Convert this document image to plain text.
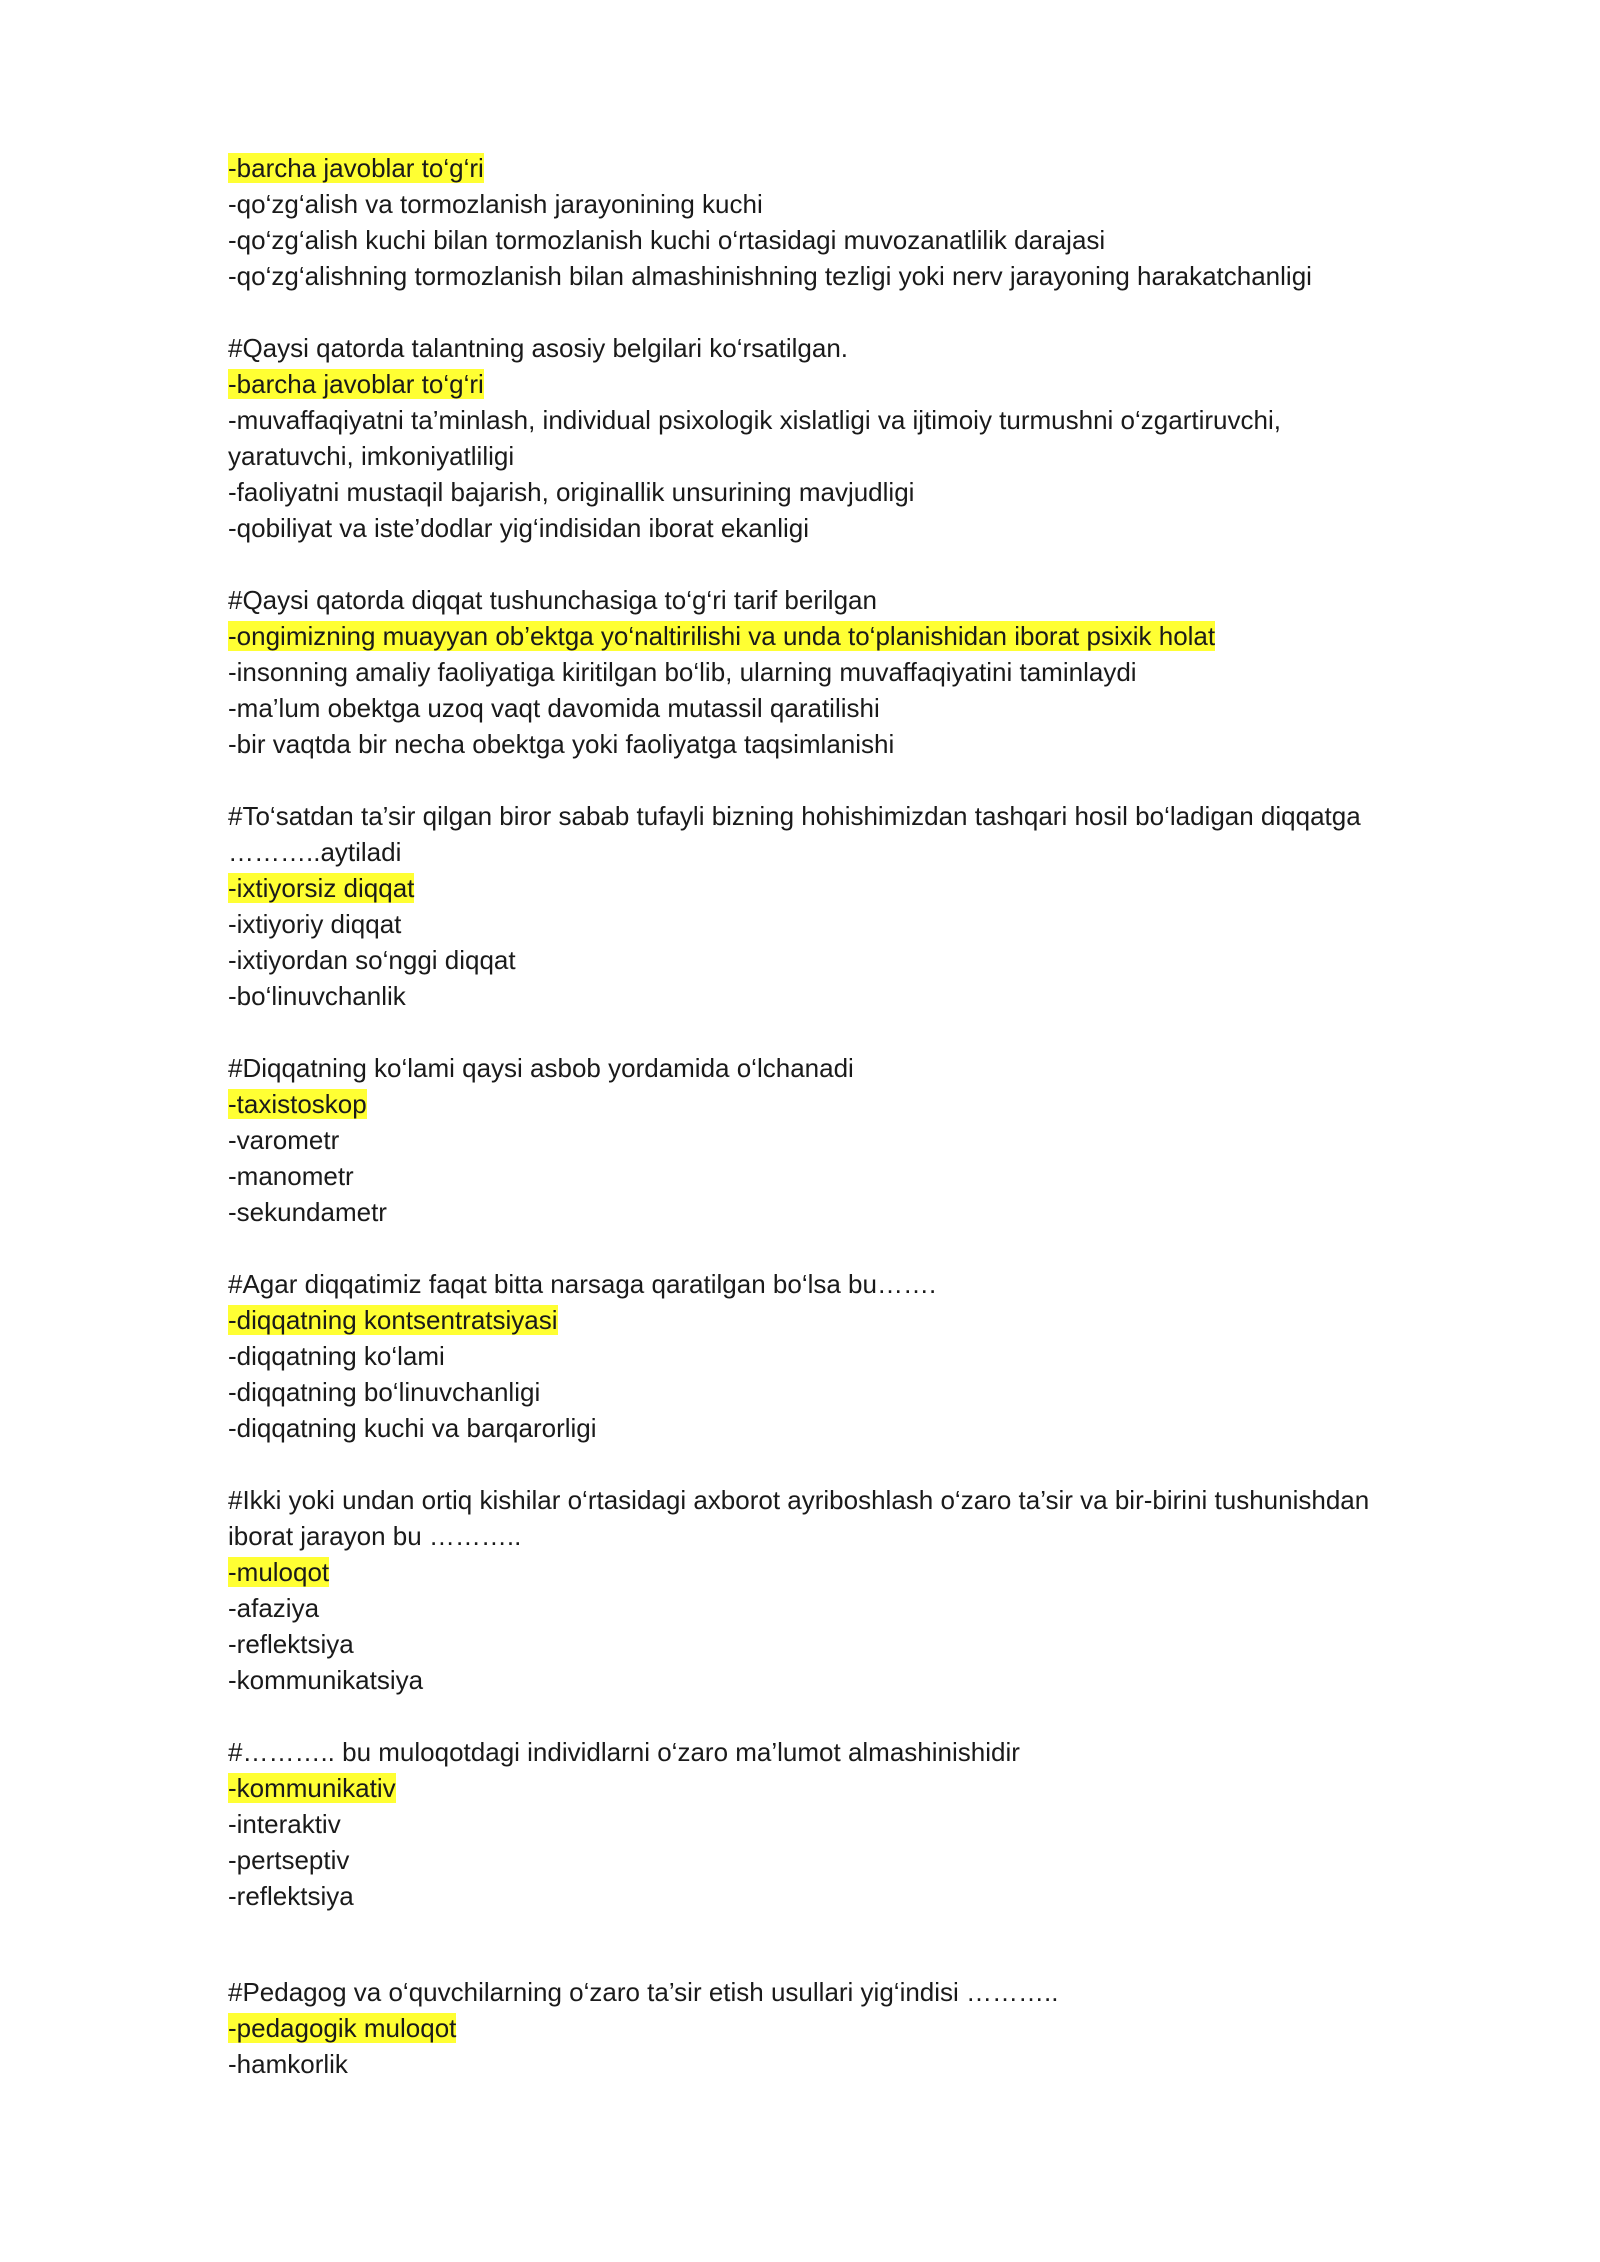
-barcha javoblar to‘g‘ri
-qo‘zg‘alish va tormozlanish jarayonining kuchi
-qo‘zg‘alish kuchi bilan tormozlanish kuchi o‘rtasidagi muvozanatlilik darajasi
-qo‘zg‘alishning tormozlanish bilan almashinishning tezligi yoki nerv jarayoning harakatchanligi
#Qaysi qatorda talantning asosiy belgilari ko‘rsatilgan.
-barcha javoblar to‘g‘ri
-muvaffaqiyatni ta’minlash, individual psixologik xislatligi va ijtimoiy turmushni o‘zgartiruvchi,
yaratuvchi, imkoniyatliligi
-faoliyatni mustaqil bajarish, originallik unsurining mavjudligi
-qobiliyat va iste’dodlar yig‘indisidan iborat ekanligi
#Qaysi qatorda diqqat tushunchasiga to‘g‘ri tarif berilgan
-ongimizning muayyan ob’ektga yo‘naltirilishi va unda to‘planishidan iborat psixik holat
-insonning amaliy faoliyatiga kiritilgan bo‘lib, ularning muvaffaqiyatini taminlaydi
-ma’lum obektga uzoq vaqt davomida mutassil qaratilishi
-bir vaqtda bir necha obektga yoki faoliyatga taqsimlanishi
#To‘satdan ta’sir qilgan biror sabab tufayli bizning hohishimizdan tashqari hosil bo‘ladigan diqqatga
………..aytiladi
-ixtiyorsiz diqqat
-ixtiyoriy diqqat
-ixtiyordan so‘nggi diqqat
-bo‘linuvchanlik
#Diqqatning ko‘lami qaysi asbob yordamida o‘lchanadi
-taxistoskop
-varometr
-manometr
-sekundametr
#Agar diqqatimiz faqat bitta narsaga qaratilgan bo‘lsa bu…….
-diqqatning kontsentratsiyasi
-diqqatning ko‘lami
-diqqatning bo‘linuvchanligi
-diqqatning kuchi va barqarorligi
#Ikki yoki undan ortiq kishilar o‘rtasidagi axborot ayriboshlash o‘zaro ta’sir va bir-birini tushunishdan
iborat jarayon bu ………..
-muloqot
-afaziya
-reflektsiya
-kommunikatsiya
#……….. bu muloqotdagi individlarni o‘zaro ma’lumot almashinishidir
-kommunikativ
-interaktiv
-pertseptiv
-reflektsiya
#Pedagog va o‘quvchilarning o‘zaro ta’sir etish usullari yig‘indisi ………..
-pedagogik muloqot
-hamkorlik
